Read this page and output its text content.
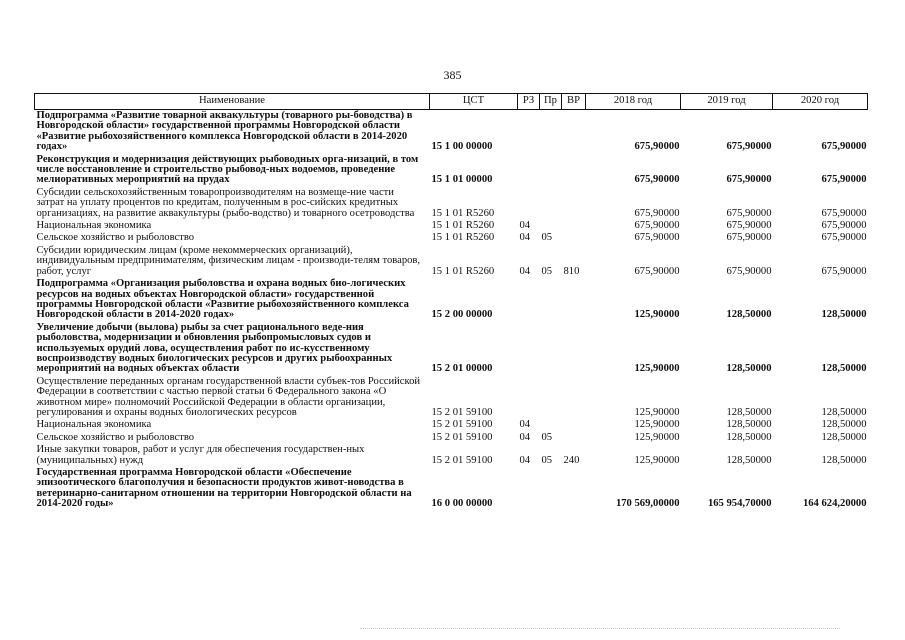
385
Наименование	ЦСТ	РЗ	Пр	ВР	2018 год	2019 год	2020 год
Подпрограмма «Развитие товарной аквакультуры (товарного ры-боводства) в Новгородской области» государственной программы Новгородской области «Развитие рыбохозяйственного комплекса Новгородской области в 2014-2020 годах»	15 1 00 00000				675,90000	675,90000	675,90000
Реконструкция и модернизация действующих рыбоводных орга-низаций, в том числе восстановление и строительство рыбовод-ных водоемов, проведение мелиоративных мероприятий на прудах	15 1 01 00000				675,90000	675,90000	675,90000
Субсидии сельскохозяйственным товаропроизводителям на возмеще-ние части затрат на уплату процентов по кредитам, полученным в рос-сийских кредитных организациях, на развитие аквакультуры (рыбо-водство) и товарного осетроводства	15 1 01 R5260				675,90000	675,90000	675,90000
Национальная экономика	15 1 01 R5260	04			675,90000	675,90000	675,90000
Сельское хозяйство и рыболовство	15 1 01 R5260	04	05		675,90000	675,90000	675,90000
Субсидии юридическим лицам (кроме некоммерческих организаций), индивидуальным предпринимателям, физическим лицам - производи-телям товаров, работ, услуг	15 1 01 R5260	04	05	810	675,90000	675,90000	675,90000
Подпрограмма «Организация рыболовства и охрана водных био-логических ресурсов на водных объектах Новгородской области» государственной программы Новгородской области «Развитие рыбохозяйственного комплекса Новгородской области в 2014-2020 годах»	15 2 00 00000				125,90000	128,50000	128,50000
Увеличение добычи (вылова) рыбы за счет рационального веде-ния рыболовства, модернизации и обновления рыбопромысловых судов и используемых орудий лова, осуществления работ по ис-кусственному воспроизводству водных биологических ресурсов и других рыбоохранных мероприятий на водных объектах области	15 2 01 00000				125,90000	128,50000	128,50000
Осуществление переданных органам государственной власти субъек-тов Российской Федерации в соответствии с частью первой статьи 6 Федерального закона «О животном мире» полномочий Российской Федерации в области организации, регулирования и охраны водных биологических ресурсов	15 2 01 59100				125,90000	128,50000	128,50000
Национальная экономика	15 2 01 59100	04			125,90000	128,50000	128,50000
Сельское хозяйство и рыболовство	15 2 01 59100	04	05		125,90000	128,50000	128,50000
Иные закупки товаров, работ и услуг для обеспечения государствен-ных (муниципальных) нужд	15 2 01 59100	04	05	240	125,90000	128,50000	128,50000
Государственная программа Новгородской области «Обеспечение эпизоотического благополучия и безопасности продуктов живот-новодства в ветеринарно-санитарном отношении на территории Новгородской области на 2014-2020 годы»	16 0 00 00000				170 569,00000	165 954,70000	164 624,20000
